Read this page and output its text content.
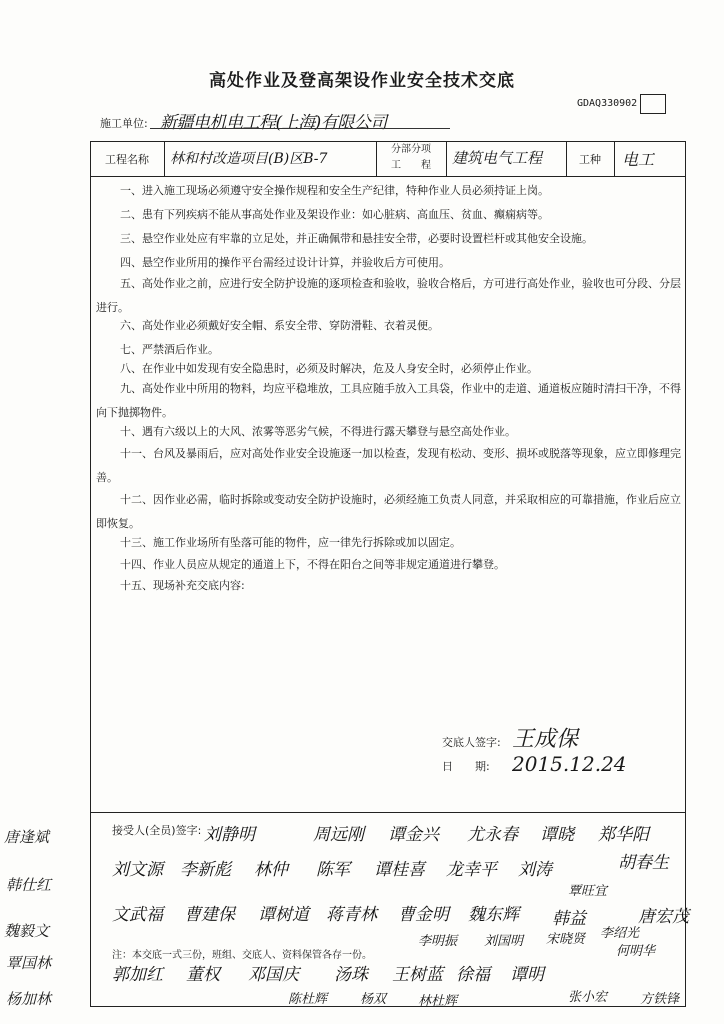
高处作业及登高架设作业安全技术交底
GDAQ330902
施工单位: 新疆电机电工程(上海)有限公司
工程名称	林和村改造项目(B)区B-7
分部分项
工　　程	建筑电气工程	工种	电工
一、进入施工现场必须遵守安全操作规程和安全生产纪律，特种作业人员必须持证上岗。
二、患有下列疾病不能从事高处作业及架设作业：如心脏病、高血压、贫血、癫痫病等。
三、悬空作业处应有牢靠的立足处，并正确佩带和悬挂安全带，必要时设置栏杆或其他安全设施。
四、悬空作业所用的操作平台需经过设计计算，并验收后方可使用。
五、高处作业之前，应进行安全防护设施的逐项检查和验收，验收合格后，方可进行高处作业，验收也可分段、分层进行。
六、高处作业必须戴好安全帽、系安全带、穿防滑鞋、衣着灵便。
七、严禁酒后作业。
八、在作业中如发现有安全隐患时，必须及时解决，危及人身安全时，必须停止作业。
九、高处作业中所用的物料，均应平稳堆放，工具应随手放入工具袋，作业中的走道、通道板应随时清扫干净，不得向下抛掷物件。
十、遇有六级以上的大风、浓雾等恶劣气候，不得进行露天攀登与悬空高处作业。
十一、台风及暴雨后，应对高处作业安全设施逐一加以检查，发现有松动、变形、损坏或脱落等现象，应立即修理完善。
十二、因作业必需，临时拆除或变动安全防护设施时，必须经施工负责人同意，并采取相应的可靠措施，作业后应立即恢复。
十三、施工作业场所有坠落可能的物件，应一律先行拆除或加以固定。
十四、作业人员应从规定的通道上下，不得在阳台之间等非规定通道进行攀登。
十五、现场补充交底内容:
交底人签字: 王成保
日　　期: 2015.12.24
接受人(全员)签字: 刘静明	周远刚 谭金兴 尤永春 谭晓 郑华阳
刘文源 李新彪 林仲 陈军 谭桂喜 龙幸平 刘涛	胡春生
覃旺宜
文武福 曹建保 谭树道 蒋青林 曹金明 魏东辉 韩益	唐宏茂
注：本交底一式三份，班组、交底人、资料保管各存一份。
李明振 刘国明 宋晓贤
何明华
李绍光
郭加红 董权 邓国庆 汤珠 王树蓝 徐福 谭明
陈杜辉	杨双 林杜辉	张小宏	方铁锋
唐逢斌
韩仕红
魏毅文
覃国林
杨加林
